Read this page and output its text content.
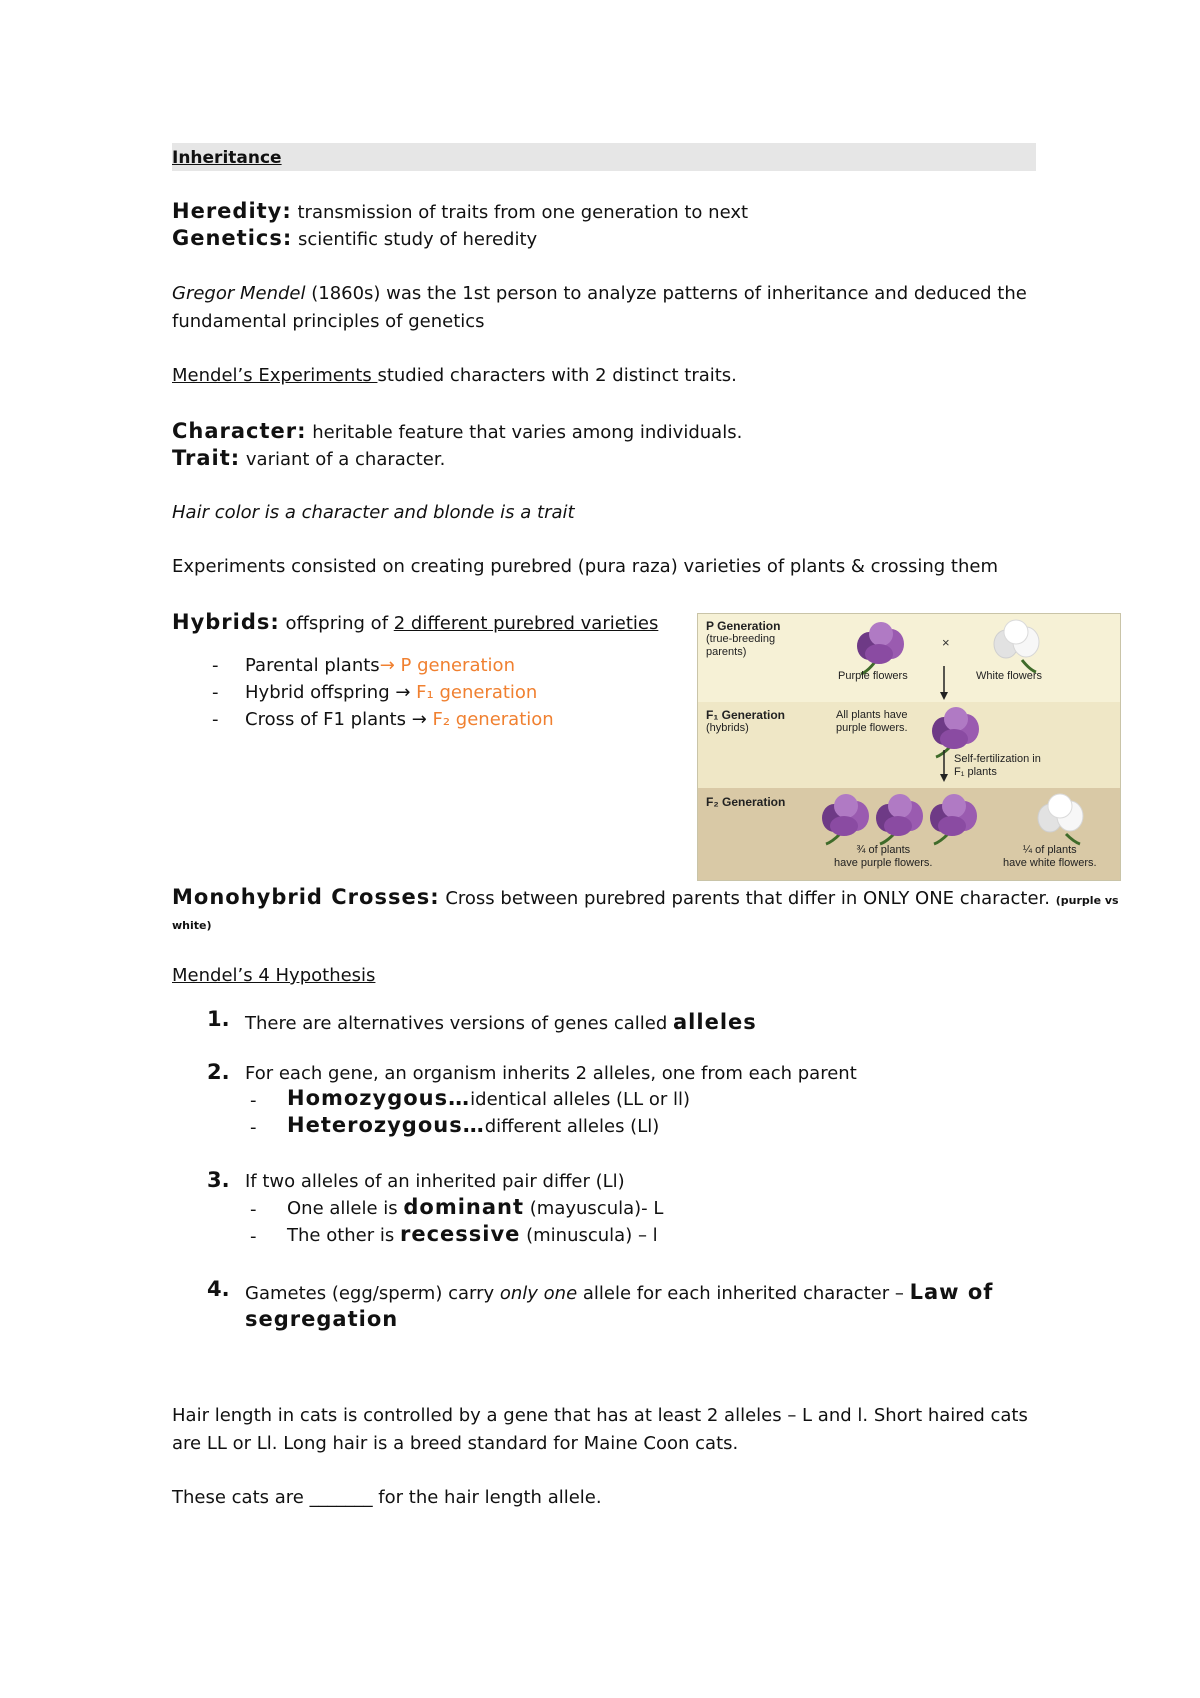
Inheritance
Heredity: transmission of traits from one generation to next
Genetics: scientific study of heredity
Gregor Mendel (1860s) was the 1st person to analyze patterns of inheritance and deduced the
fundamental principles of genetics
Mendel’s Experiments studied characters with 2 distinct traits.
Character: heritable feature that varies among individuals.
Trait: variant of a character.
Hair color is a character and blonde is a trait
Experiments consisted on creating purebred (pura raza) varieties of plants & crossing them
Hybrids: offspring of 2 different purebred varieties
- Parental plants→ P generation
- Hybrid offspring → F₁ generation
- Cross of F1 plants → F₂ generation
P Generation
(true-breeding
parents)
×
Purple flowers	White flowers
F₁ Generation
(hybrids)
All plants have
purple flowers.
Self-fertilization in
F₁ plants
F₂ Generation
¾ of plants
have purple flowers.
¼ of plants
have white flowers.
Monohybrid Crosses: Cross between purebred parents that differ in ONLY ONE character. (purple vs
white)
Mendel’s 4 Hypothesis
1. There are alternatives versions of genes called alleles
2. For each gene, an organism inherits 2 alleles, one from each parent
- Homozygous…identical alleles (LL or ll)
- Heterozygous…different alleles (Ll)
3. If two alleles of an inherited pair differ (Ll)
- One allele is dominant (mayuscula)- L
- The other is recessive (minuscula) – l
4. Gametes (egg/sperm) carry only one allele for each inherited character – Law of
segregation
Hair length in cats is controlled by a gene that has at least 2 alleles – L and l. Short haired cats
are LL or Ll. Long hair is a breed standard for Maine Coon cats.
These cats are _______ for the hair length allele.
